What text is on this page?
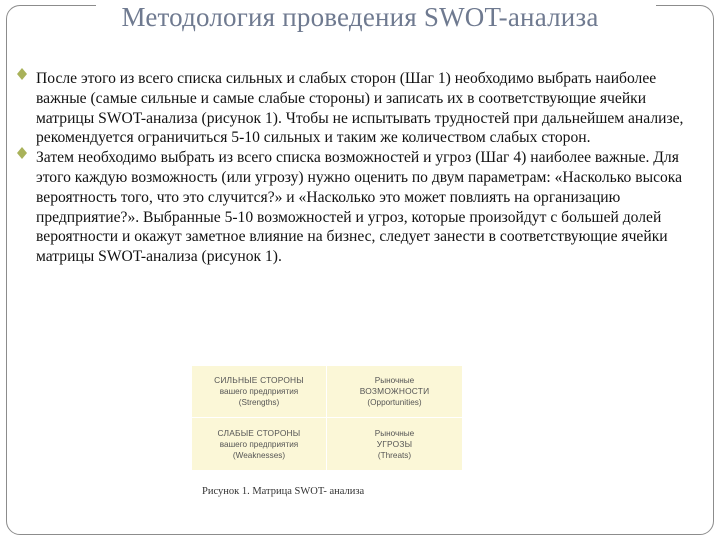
Методология проведения SWOT-анализа

После этого из всего списка сильных и слабых сторон (Шаг 1) необходимо выбрать наиболее важные (самые сильные и самые слабые стороны) и записать их в соответствующие ячейки матрицы SWOT-анализа (рисунок 1). Чтобы не испытывать трудностей при дальнейшем анализе, рекомендуется ограничиться 5-10 сильных и таким же количеством слабых сторон.

Затем необходимо выбрать из всего списка возможностей и угроз (Шаг 4) наиболее важные. Для этого каждую возможность (или угрозу) нужно оценить по двум параметрам: «Насколько высока вероятность того, что это случится?» и «Насколько это может повлиять на организацию предприятие?». Выбранные 5-10 возможностей и угроз, которые произойдут с большей долей вероятности и окажут заметное влияние на бизнес, следует занести в соответствующие ячейки матрицы SWOT-анализа (рисунок 1).

СИЛЬНЫЕ СТОРОНЫ
вашего предприятия
(Strengths)
Рыночные
ВОЗМОЖНОСТИ
(Opportunities)
СЛАБЫЕ СТОРОНЫ
вашего предприятия
(Weaknesses)
Рыночные
УГРОЗЫ
(Threats)
Рисунок 1. Матрица SWOT- анализа
